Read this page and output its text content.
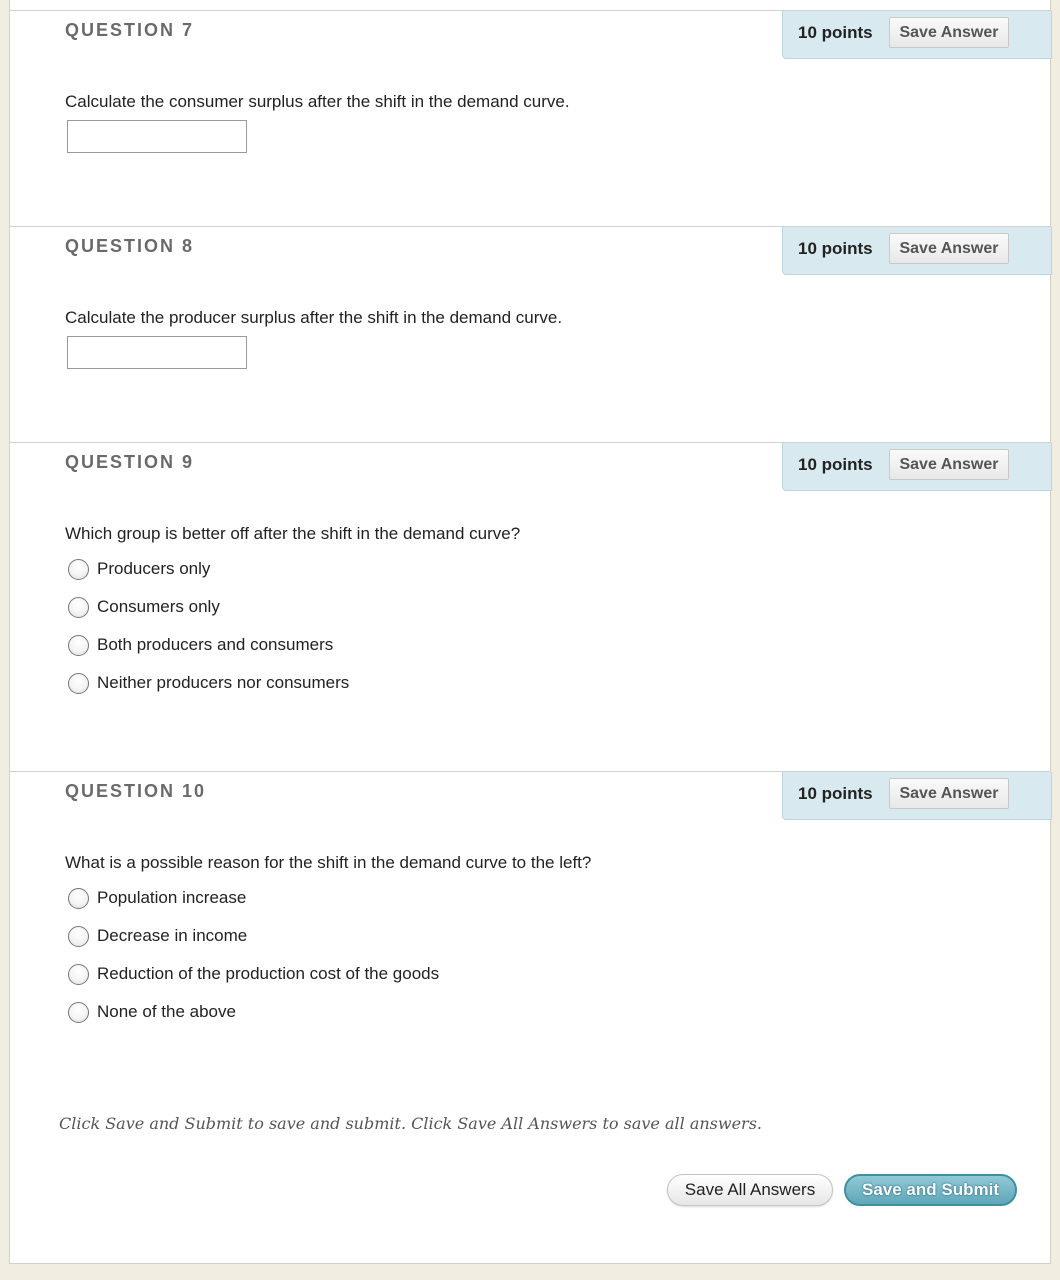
QUESTION 7	10 points	Save Answer
Calculate the consumer surplus after the shift in the demand curve.
QUESTION 8	10 points	Save Answer
Calculate the producer surplus after the shift in the demand curve.
QUESTION 9	10 points	Save Answer
Which group is better off after the shift in the demand curve?
Producers only
Consumers only
Both producers and consumers
Neither producers nor consumers
QUESTION 10	10 points	Save Answer
What is a possible reason for the shift in the demand curve to the left?
Population increase
Decrease in income
Reduction of the production cost of the goods
None of the above
Click Save and Submit to save and submit. Click Save All Answers to save all answers.
Save All Answers	Save and Submit
